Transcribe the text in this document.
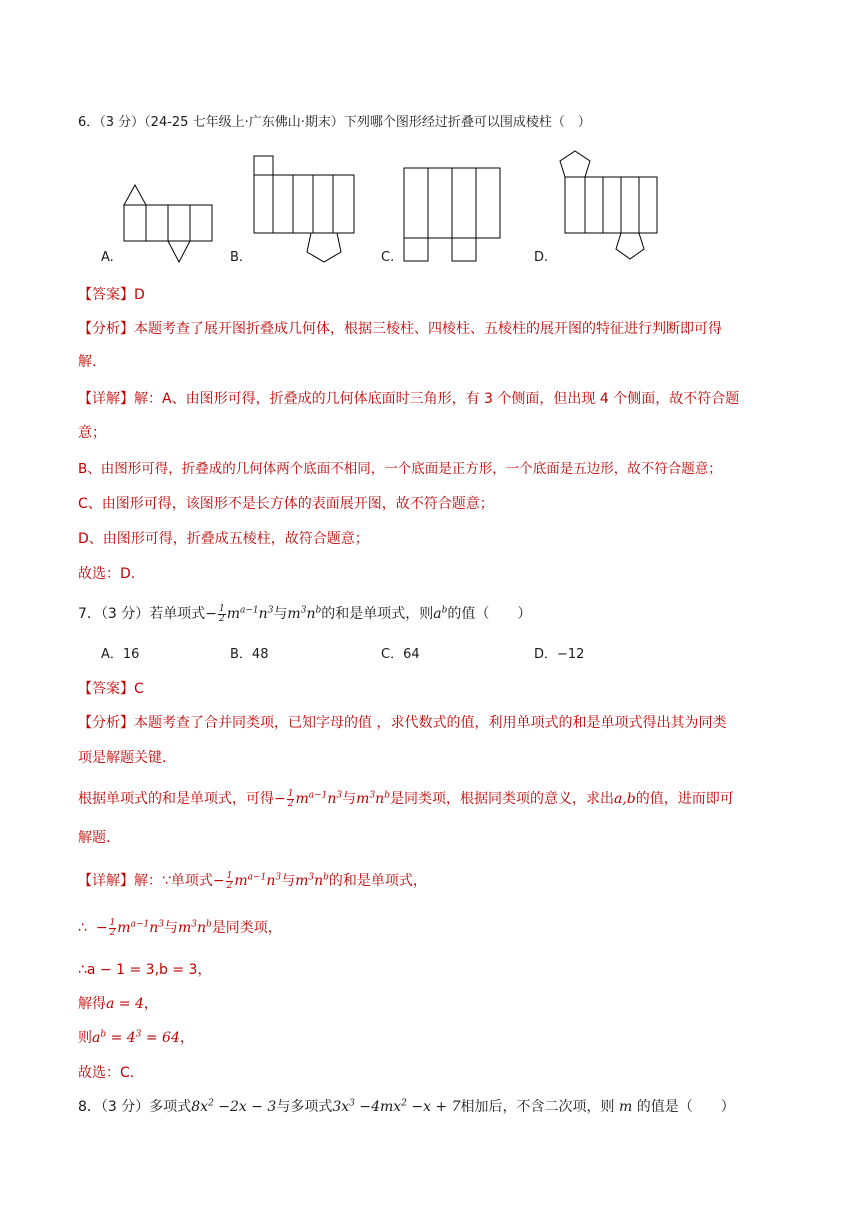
6．（3 分）（24-25 七年级上·广东佛山·期末）下列哪个图形经过折叠可以围成棱柱（　）
A.	B.	C.	D.
【答案】D
【分析】本题考查了展开图折叠成几何体，根据三棱柱、四棱柱、五棱柱的展开图的特征进行判断即可得
解.
【详解】解：A、由图形可得，折叠成的几何体底面时三角形，有 3 个侧面，但出现 4 个侧面，故不符合题
意；
B、由图形可得，折叠成的几何体两个底面不相同，一个底面是正方形，一个底面是五边形，故不符合题意；
C、由图形可得，该图形不是长方体的表面展开图，故不符合题意；
D、由图形可得，折叠成五棱柱，故符合题意；
故选：D.
7．（3 分）若单项式− $\frac{1}{2} m^{a-1}n^3$与$m^3n^b$的和是单项式，则$a^b$的值（　　）
A．16	B．48	C．64	D．−12
【答案】C
【分析】本题考查了合并同类项，已知字母的值 ，求代数式的值，利用单项式的和是单项式得出其为同类
项是解题关键.
根据单项式的和是单项式，可得− $\frac{1}{2} m^{a-1}n^3$与$m^3n^b$是同类项，根据同类项的意义，求出a,b的值，进而即可
解题.
【详解】解：∵单项式− $\frac{1}{2} m^{a-1}n^3$与$m^3n^b$的和是单项式，
∴ − $\frac{1}{2} m^{a-1}n^3$与$m^3n^b$是同类项，
∴a − 1 = 3,b = 3，
解得a = 4，
则$a^b = 4^3 = 64$，
故选：C.
8．（3 分）多项式$8x^2 -2x - 3$与多项式$3x^3 -4mx^2 -x + 7$相加后，不含二次项，则 m 的值是（　　）
